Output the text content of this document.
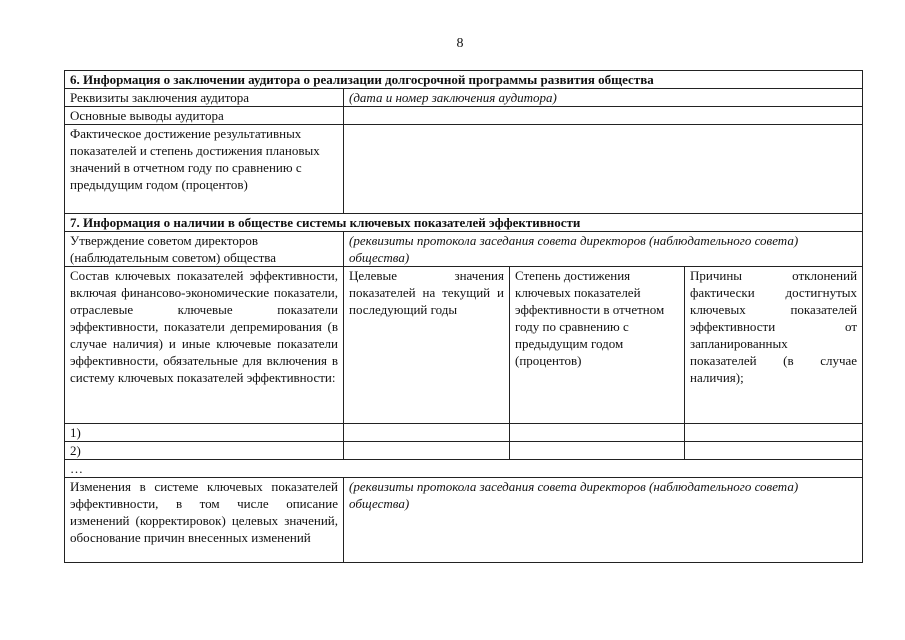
8
6. Информация о заключении аудитора о реализации долгосрочной программы развития общества			
Реквизиты заключения аудитора	(дата и номер заключения аудитора)		
Основные выводы аудитора			
Фактическое достижение результативных показателей и степень достижения плановых значений в отчетном году по сравнению с предыдущим годом (процентов)			
7. Информация о наличии в обществе системы ключевых показателей эффективности			
Утверждение советом директоров (наблюдательным советом) общества	(реквизиты протокола заседания совета директоров (наблюдательного совета) общества)		
Состав ключевых показателей эффективности, включая финансово-экономические показатели, отраслевые ключевые показатели эффективности, показатели депремирования (в случае наличия) и иные ключевые показатели эффективности, обязательные для включения в систему ключевых показателей эффективности:	Целевые значения показателей на текущий и последующий годы	Степень достижения ключевых показателей эффективности в отчетном году по сравнению с предыдущим годом (процентов)	Причины отклонений фактически достигнутых ключевых показателей эффективности от запланированных показателей (в случае наличия);
1)			
2)			
…			
Изменения в системе ключевых показателей эффективности, в том числе описание изменений (корректировок) целевых значений, обоснование причин внесенных изменений	(реквизиты протокола заседания совета директоров (наблюдательного совета) общества)		
